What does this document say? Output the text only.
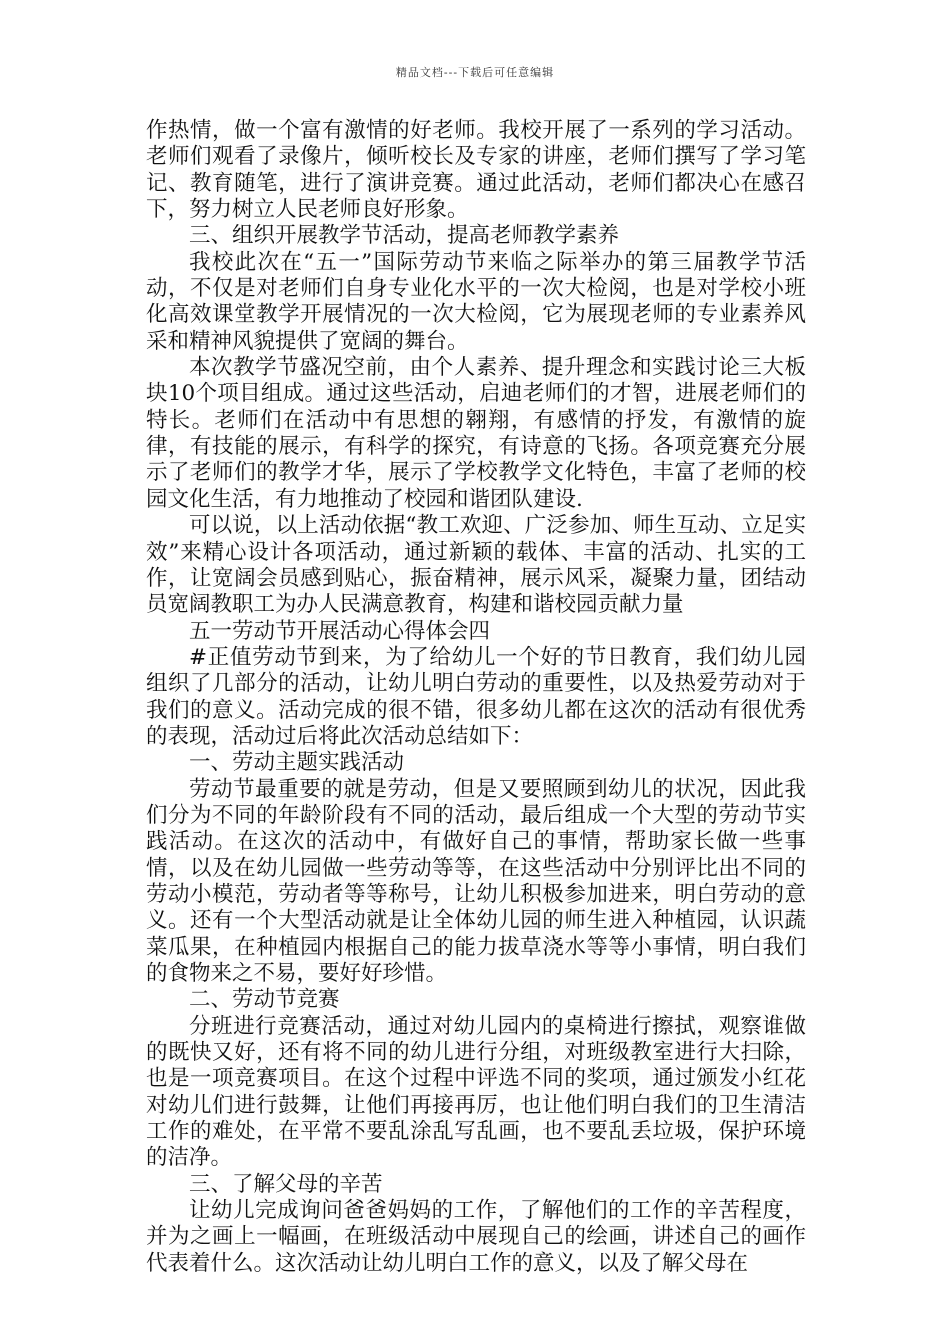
精品文档---下载后可任意编辑

作热情，做一个富有激情的好老师。我校开展了一系列的学习活动。老师们观看了录像片，倾听校长及专家的讲座，老师们撰写了学习笔记、教育随笔，进行了演讲竞赛。通过此活动，老师们都决心在感召下，努力树立人民老师良好形象。

三、组织开展教学节活动，提高老师教学素养

我校此次在“五一”国际劳动节来临之际举办的第三届教学节活动，不仅是对老师们自身专业化水平的一次大检阅，也是对学校小班化高效课堂教学开展情况的一次大检阅，它为展现老师的专业素养风采和精神风貌提供了宽阔的舞台。

本次教学节盛况空前，由个人素养、提升理念和实践讨论三大板块10个项目组成。通过这些活动，启迪老师们的才智，进展老师们的特长。老师们在活动中有思想的翱翔，有感情的抒发，有激情的旋律，有技能的展示，有科学的探究，有诗意的飞扬。各项竞赛充分展示了老师们的教学才华，展示了学校教学文化特色，丰富了老师的校园文化生活，有力地推动了校园和谐团队建设.

可以说，以上活动依据“教工欢迎、广泛参加、师生互动、立足实效”来精心设计各项活动，通过新颖的载体、丰富的活动、扎实的工作，让宽阔会员感到贴心，振奋精神，展示风采，凝聚力量，团结动员宽阔教职工为办人民满意教育，构建和谐校园贡献力量

五一劳动节开展活动心得体会四

#正值劳动节到来，为了给幼儿一个好的节日教育，我们幼儿园组织了几部分的活动，让幼儿明白劳动的重要性，以及热爱劳动对于我们的意义。活动完成的很不错，很多幼儿都在这次的活动有很优秀的表现，活动过后将此次活动总结如下：

一、劳动主题实践活动

劳动节最重要的就是劳动，但是又要照顾到幼儿的状况，因此我们分为不同的年龄阶段有不同的活动，最后组成一个大型的劳动节实践活动。在这次的活动中，有做好自己的事情，帮助家长做一些事情，以及在幼儿园做一些劳动等等，在这些活动中分别评比出不同的劳动小模范，劳动者等等称号，让幼儿积极参加进来，明白劳动的意义。还有一个大型活动就是让全体幼儿园的师生进入种植园，认识蔬菜瓜果，在种植园内根据自己的能力拔草浇水等等小事情，明白我们的食物来之不易，要好好珍惜。

二、劳动节竞赛

分班进行竞赛活动，通过对幼儿园内的桌椅进行擦拭，观察谁做的既快又好，还有将不同的幼儿进行分组，对班级教室进行大扫除，也是一项竞赛项目。在这个过程中评选不同的奖项，通过颁发小红花对幼儿们进行鼓舞，让他们再接再厉，也让他们明白我们的卫生清洁工作的难处，在平常不要乱涂乱写乱画，也不要乱丢垃圾，保护环境的洁净。

三、了解父母的辛苦

让幼儿完成询问爸爸妈妈的工作，了解他们的工作的辛苦程度，并为之画上一幅画，在班级活动中展现自己的绘画，讲述自己的画作代表着什么。这次活动让幼儿明白工作的意义，以及了解父母在
